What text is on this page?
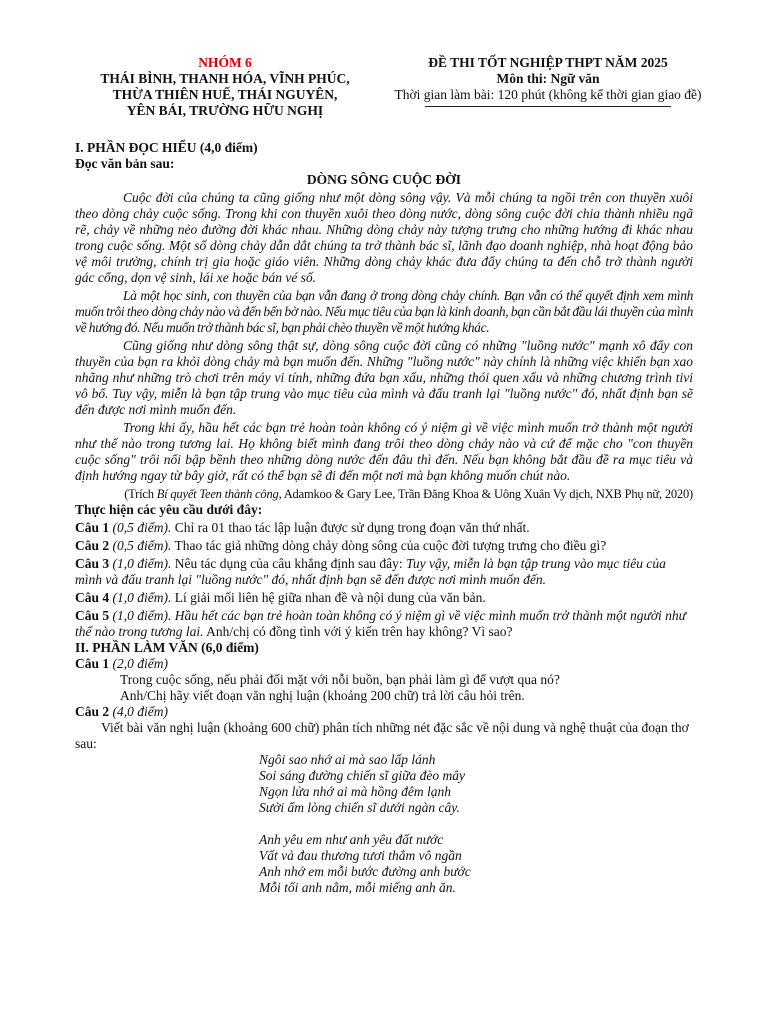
NHÓM 6
THÁI BÌNH, THANH HÓA, VĨNH PHÚC,
THỪA THIÊN HUẾ, THÁI NGUYÊN,
YÊN BÁI, TRƯỜNG HỮU NGHỊ
ĐỀ THI TỐT NGHIỆP THPT NĂM 2025
Môn thi: Ngữ văn
Thời gian làm bài: 120 phút (không kể thời gian giao đề)
I. PHẦN ĐỌC HIỂU (4,0 điểm)
Đọc văn bản sau:
DÒNG SÔNG CUỘC ĐỜI
Cuộc đời của chúng ta cũng giống như một dòng sông vậy. Và mỗi chúng ta ngồi trên con thuyền xuôi theo dòng chảy cuộc sống. Trong khi con thuyền xuôi theo dòng nước, dòng sông cuộc đời chia thành nhiều ngã rẽ, chảy về những nẻo đường đời khác nhau. Những dòng chảy này tượng trưng cho những hướng đi khác nhau trong cuộc sống. Một số dòng chảy dẫn dắt chúng ta trở thành bác sĩ, lãnh đạo doanh nghiệp, nhà hoạt động bảo vệ môi trường, chính trị gia hoặc giáo viên. Những dòng chảy khác đưa đẩy chúng ta đến chỗ trở thành người gác cổng, dọn vệ sinh, lái xe hoặc bán vé số.
Là một học sinh, con thuyền của bạn vẫn đang ở trong dòng chảy chính. Bạn vẫn có thể quyết định xem mình muốn trôi theo dòng chảy nào và đến bến bờ nào. Nếu mục tiêu của bạn là kinh doanh, bạn cần bắt đầu lái thuyền của mình về hướng đó. Nếu muốn trở thành bác sĩ, bạn phải chèo thuyền về một hướng khác.
Cũng giống như dòng sông thật sự, dòng sông cuộc đời cũng có những "luồng nước" mạnh xô đẩy con thuyền của bạn ra khỏi dòng chảy mà bạn muốn đến. Những "luồng nước" này chính là những việc khiến bạn xao nhãng như những trò chơi trên máy vi tính, những đứa bạn xấu, những thói quen xấu và những chương trình tivi vô bổ. Tuy vậy, miễn là bạn tập trung vào mục tiêu của mình và đấu tranh lại "luồng nước" đó, nhất định bạn sẽ đến được nơi mình muốn đến.
Trong khi ấy, hầu hết các bạn trẻ hoàn toàn không có ý niệm gì về việc mình muốn trở thành một người như thế nào trong tương lai. Họ không biết mình đang trôi theo dòng chảy nào và cứ để mặc cho "con thuyền cuộc sống" trôi nổi bập bềnh theo những dòng nước đến đâu thì đến. Nếu bạn không bắt đầu đề ra mục tiêu và định hướng ngay từ bây giờ, rất có thể bạn sẽ đi đến một nơi mà bạn không muốn chút nào.
(Trích Bí quyết Teen thành công, Adamkoo & Gary Lee, Trần Đăng Khoa & Uông Xuân Vy dịch, NXB Phụ nữ, 2020)
Thực hiện các yêu cầu dưới đây:
Câu 1 (0,5 điểm). Chỉ ra 01 thao tác lập luận được sử dụng trong đoạn văn thứ nhất.
Câu 2 (0,5 điểm). Thao tác giả những dòng chảy dòng sông của cuộc đời tượng trưng cho điều gì?
Câu 3 (1,0 điểm). Nêu tác dụng của câu khẳng định sau đây: Tuy vậy, miễn là bạn tập trung vào mục tiêu của mình và đấu tranh lại "luồng nước" đó, nhất định bạn sẽ đến được nơi mình muốn đến.
Câu 4 (1,0 điểm). Lí giải mối liên hệ giữa nhan đề và nội dung của văn bản.
Câu 5 (1,0 điểm). Hầu hết các bạn trẻ hoàn toàn không có ý niệm gì về việc mình muốn trở thành một người như thế nào trong tương lai. Anh/chị có đồng tình với ý kiến trên hay không? Vì sao?
II. PHẦN LÀM VĂN (6,0 điểm)
Câu 1 (2,0 điểm)
Trong cuộc sống, nếu phải đối mặt với nỗi buồn, bạn phải làm gì để vượt qua nó?
Anh/Chị hãy viết đoạn văn nghị luận (khoảng 200 chữ) trả lời câu hỏi trên.
Câu 2 (4,0 điểm)
Viết bài văn nghị luận (khoảng 600 chữ) phân tích những nét đặc sắc về nội dung và nghệ thuật của đoạn thơ sau:
Ngôi sao nhớ ai mà sao lấp lánh
Soi sáng đường chiến sĩ giữa đèo mây
Ngọn lửa nhớ ai mà hồng đêm lạnh
Sưởi ấm lòng chiến sĩ dưới ngàn cây.
Anh yêu em như anh yêu đất nước
Vất vả đau thương tươi thắm vô ngần
Anh nhớ em mỗi bước đường anh bước
Mỗi tối anh nằm, mỗi miếng anh ăn.
